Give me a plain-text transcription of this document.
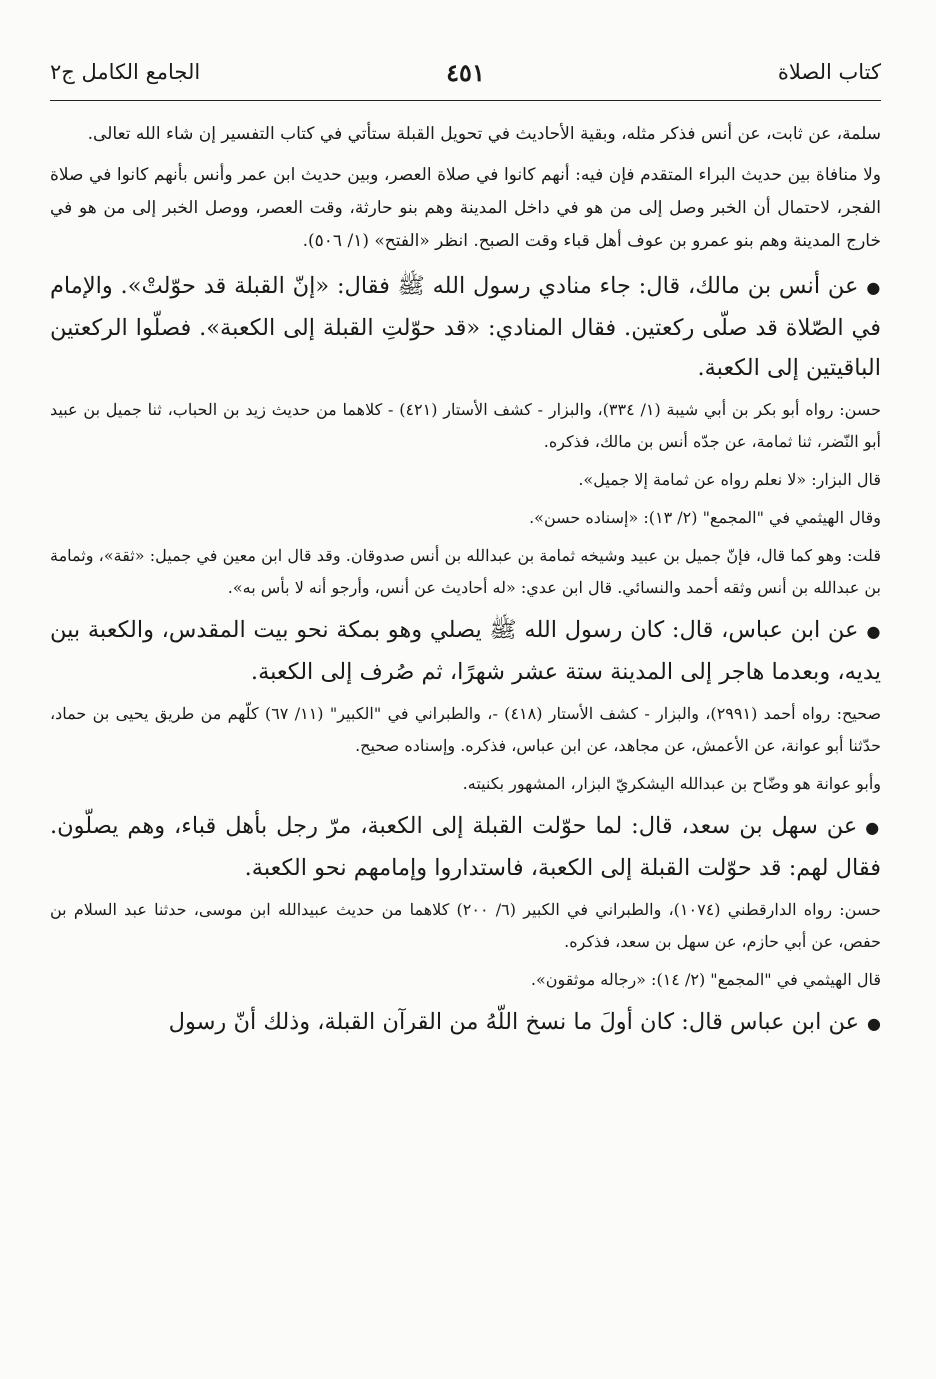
كتاب الصلاة
٤٥١
الجامع الكامل ج٢

سلمة، عن ثابت، عن أنس فذكر مثله، وبقية الأحاديث في تحويل القبلة ستأتي في كتاب التفسير إن شاء الله تعالى.

ولا منافاة بين حديث البراء المتقدم فإن فيه: أنهم كانوا في صلاة العصر، وبين حديث ابن عمر وأنس بأنهم كانوا في صلاة الفجر، لاحتمال أن الخبر وصل إلى من هو في داخل المدينة وهم بنو حارثة، وقت العصر، ووصل الخبر إلى من هو في خارج المدينة وهم بنو عمرو بن عوف أهل قباء وقت الصبح. انظر «الفتح» (١/ ٥٠٦).

●عن أنس بن مالك، قال: جاء منادي رسول الله ﷺ فقال: «إنّ القبلة قد حوّلتْ». والإمام في الصّلاة قد صلّى ركعتين. فقال المنادي: «قد حوّلتِ القبلة إلى الكعبة». فصلّوا الركعتين الباقيتين إلى الكعبة.

حسن: رواه أبو بكر بن أبي شيبة (١/ ٣٣٤)، والبزار - كشف الأستار (٤٢١) - كلاهما من حديث زيد بن الحباب، ثنا جميل بن عبيد أبو النّضر، ثنا ثمامة، عن جدّه أنس بن مالك، فذكره.

قال البزار: «لا نعلم رواه عن ثمامة إلا جميل».

وقال الهيثمي في "المجمع" (٢/ ١٣): «إسناده حسن».

قلت: وهو كما قال، فإنّ جميل بن عبيد وشيخه ثمامة بن عبدالله بن أنس صدوقان. وقد قال ابن معين في جميل: «ثقة»، وثمامة بن عبدالله بن أنس وثقه أحمد والنسائي. قال ابن عدي: «له أحاديث عن أنس، وأرجو أنه لا بأس به».

●عن ابن عباس، قال: كان رسول الله ﷺ يصلي وهو بمكة نحو بيت المقدس، والكعبة بين يديه، وبعدما هاجر إلى المدينة ستة عشر شهرًا، ثم صُرف إلى الكعبة.

صحيح: رواه أحمد (٢٩٩١)، والبزار - كشف الأستار (٤١٨) -، والطبراني في "الكبير" (١١/ ٦٧) كلّهم من طريق يحيى بن حماد، حدّثنا أبو عوانة، عن الأعمش، عن مجاهد، عن ابن عباس، فذكره. وإسناده صحيح.

وأبو عوانة هو وضّاح بن عبدالله اليشكريّ البزار، المشهور بكنيته.

●عن سهل بن سعد، قال: لما حوّلت القبلة إلى الكعبة، مرّ رجل بأهل قباء، وهم يصلّون. فقال لهم: قد حوّلت القبلة إلى الكعبة، فاستداروا وإمامهم نحو الكعبة.

حسن: رواه الدارقطني (١٠٧٤)، والطبراني في الكبير (٦/ ٢٠٠) كلاهما من حديث عبيدالله ابن موسى، حدثنا عبد السلام بن حفص، عن أبي حازم، عن سهل بن سعد، فذكره.

قال الهيثمي في "المجمع" (٢/ ١٤): «رجاله موثقون».

●عن ابن عباس قال: كان أولَ ما نسخ اللّهُ من القرآن القبلة، وذلك أنّ رسول
